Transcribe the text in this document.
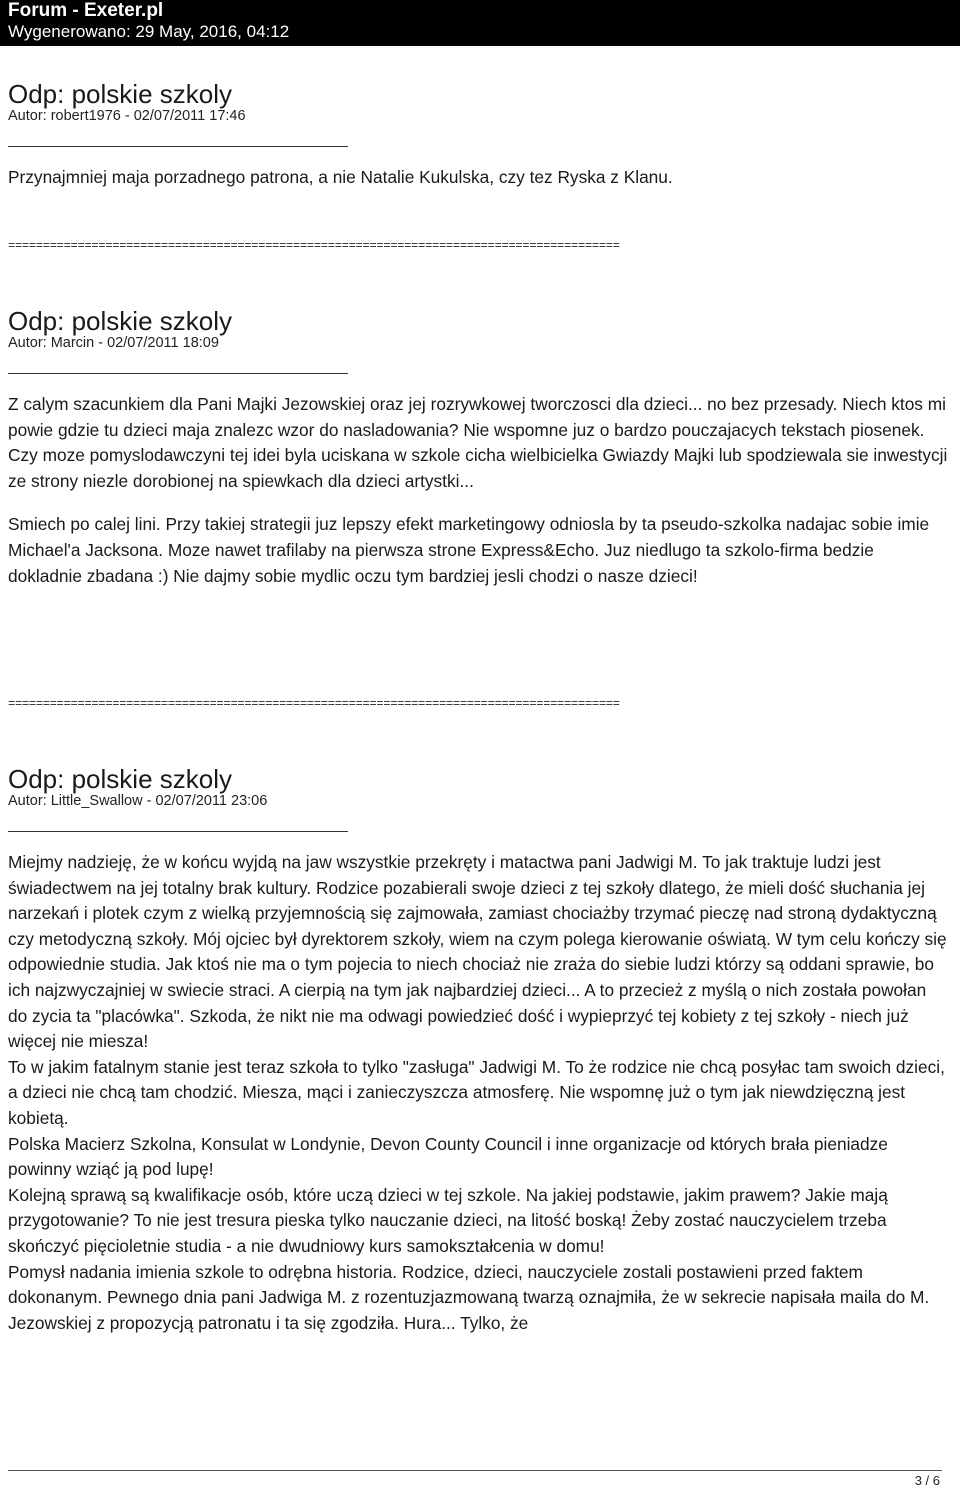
Forum - Exeter.pl
Wygenerowano: 29 May, 2016, 04:12
Odp: polskie szkoly
Autor: robert1976 - 02/07/2011 17:46

Przynajmniej maja porzadnego patrona, a nie Natalie Kukulska, czy tez Ryska z Klanu.

========================================================================================
Odp: polskie szkoly
Autor: Marcin - 02/07/2011 18:09

Z calym szacunkiem dla Pani Majki Jezowskiej oraz jej rozrywkowej tworczosci dla dzieci... no bez przesady. Niech ktos mi powie gdzie tu dzieci maja znalezc wzor do nasladowania? Nie wspomne juz o bardzo pouczajacych tekstach piosenek. Czy moze pomyslodawczyni tej idei byla uciskana w szkole cicha wielbicielka Gwiazdy Majki lub spodziewala sie inwestycji ze strony niezle dorobionej na spiewkach dla dzieci artystki...

Smiech po calej lini. Przy takiej strategii juz lepszy efekt marketingowy odniosla by ta pseudo-szkolka nadajac sobie imie Michael'a Jacksona. Moze nawet trafilaby na pierwsza strone Express&Echo. Juz niedlugo ta szkolo-firma bedzie dokladnie zbadana :) Nie dajmy sobie mydlic oczu tym bardziej jesli chodzi o nasze dzieci!

========================================================================================
Odp: polskie szkoly
Autor: Little_Swallow - 02/07/2011 23:06

Miejmy nadzieję, że w końcu wyjdą na jaw wszystkie przekręty i matactwa pani Jadwigi M. To jak traktuje ludzi jest świadectwem na jej totalny brak kultury. Rodzice pozabierali swoje dzieci z tej szkoły dlatego, że mieli dość słuchania jej narzekań i plotek czym z wielką przyjemnością się zajmowała, zamiast chociażby trzymać pieczę nad stroną dydaktyczną czy metodyczną szkoły. Mój ojciec był dyrektorem szkoły, wiem na czym polega kierowanie oświatą. W tym celu kończy się odpowiednie studia. Jak ktoś nie ma o tym pojecia to niech chociaż nie zraża do siebie ludzi którzy są oddani sprawie, bo ich najzwyczajniej w swiecie straci. A cierpią na tym jak najbardziej dzieci... A to przecież z myślą o nich została powołan do zycia ta "placówka". Szkoda, że nikt nie ma odwagi powiedzieć dość i wypieprzyć tej kobiety z tej szkoły - niech już więcej nie miesza!

To w jakim fatalnym stanie jest teraz szkoła to tylko "zasługa" Jadwigi M. To że rodzice nie chcą posyłac tam swoich dzieci, a dzieci nie chcą tam chodzić. Miesza, mąci i zanieczyszcza atmosferę. Nie wspomnę już o tym jak niewdzięczną jest kobietą.

Polska Macierz Szkolna, Konsulat w Londynie, Devon County Council i inne organizacje od których brała pieniadze powinny wziąć ją pod lupę!

Kolejną sprawą są kwalifikacje osób, które uczą dzieci w tej szkole. Na jakiej podstawie, jakim prawem? Jakie mają przygotowanie? To nie jest tresura pieska tylko nauczanie dzieci, na litość boską! Żeby zostać nauczycielem trzeba skończyć pięcioletnie studia - a nie dwudniowy kurs samokształcenia w domu!

Pomysł nadania imienia szkole to odrębna historia. Rodzice, dzieci, nauczyciele zostali postawieni przed faktem dokonanym. Pewnego dnia pani Jadwiga M. z rozentuzjazmowaną twarzą oznajmiła, że w sekrecie napisała maila do M. Jezowskiej z propozycją patronatu i ta się zgodziła. Hura... Tylko, że

3 / 6
